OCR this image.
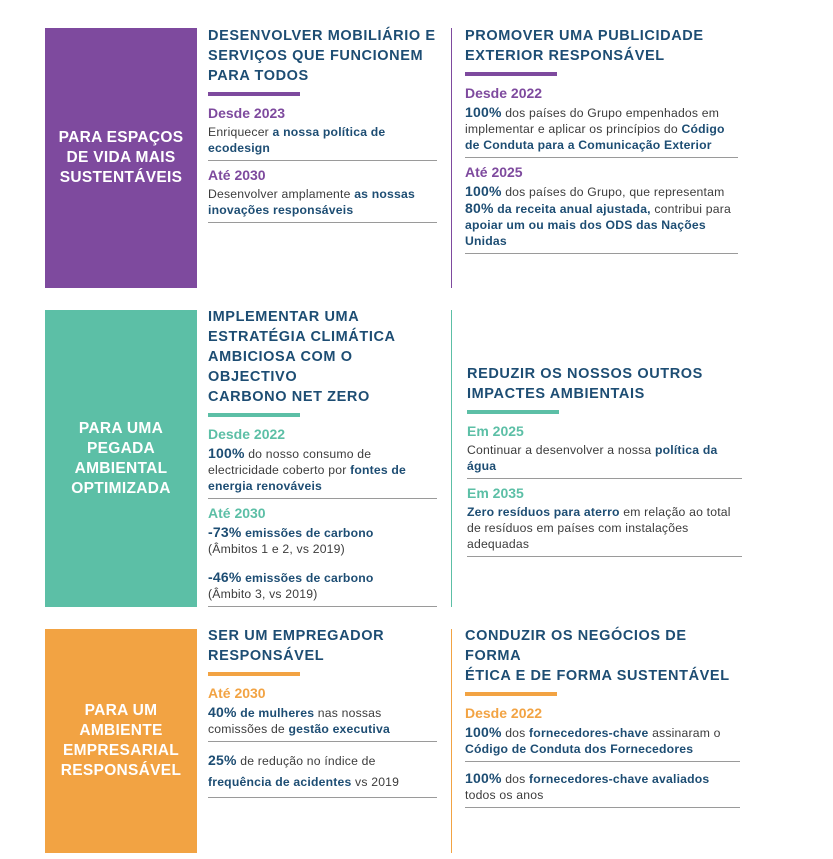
PARA ESPAÇOS
DE VIDA MAIS
SUSTENTÁVEIS
DESENVOLVER MOBILIÁRIO E
SERVIÇOS QUE FUNCIONEM
PARA TODOS
Desde 2023
Enriquecer a nossa política de ecodesign
Até 2030
Desenvolver amplamente as nossas inovações responsáveis
PROMOVER UMA PUBLICIDADE
EXTERIOR RESPONSÁVEL
Desde 2022
100% dos países do Grupo empenhados em implementar e aplicar os princípios do Código de Conduta para a Comunicação Exterior
Até 2025
100% dos países do Grupo, que representam 80% da receita anual ajustada, contribui para apoiar um ou mais dos ODS das Nações Unidas
PARA UMA
PEGADA
AMBIENTAL
OPTIMIZADA
IMPLEMENTAR UMA
ESTRATÉGIA CLIMÁTICA
AMBICIOSA COM O OBJECTIVO
CARBONO NET ZERO
Desde 2022
100% do nosso consumo de electricidade coberto por fontes de energia renováveis
Até 2030
-73% emissões de carbono
(Âmbitos 1 e 2, vs 2019)
-46% emissões de carbono
(Âmbito 3, vs 2019)
REDUZIR OS NOSSOS OUTROS
IMPACTES AMBIENTAIS
Em 2025
Continuar a desenvolver a nossa política da água
Em 2035
Zero resíduos para aterro em relação ao total de resíduos em países com instalações adequadas
PARA UM
AMBIENTE
EMPRESARIAL
RESPONSÁVEL
SER UM EMPREGADOR
RESPONSÁVEL
Até 2030
40% de mulheres nas nossas comissões de gestão executiva
25% de redução no índice de frequência de acidentes vs 2019
CONDUZIR OS NEGÓCIOS DE FORMA
ÉTICA E DE FORMA SUSTENTÁVEL
Desde 2022
100% dos fornecedores-chave assinaram o Código de Conduta dos Fornecedores
100% dos fornecedores-chave avaliados todos os anos
